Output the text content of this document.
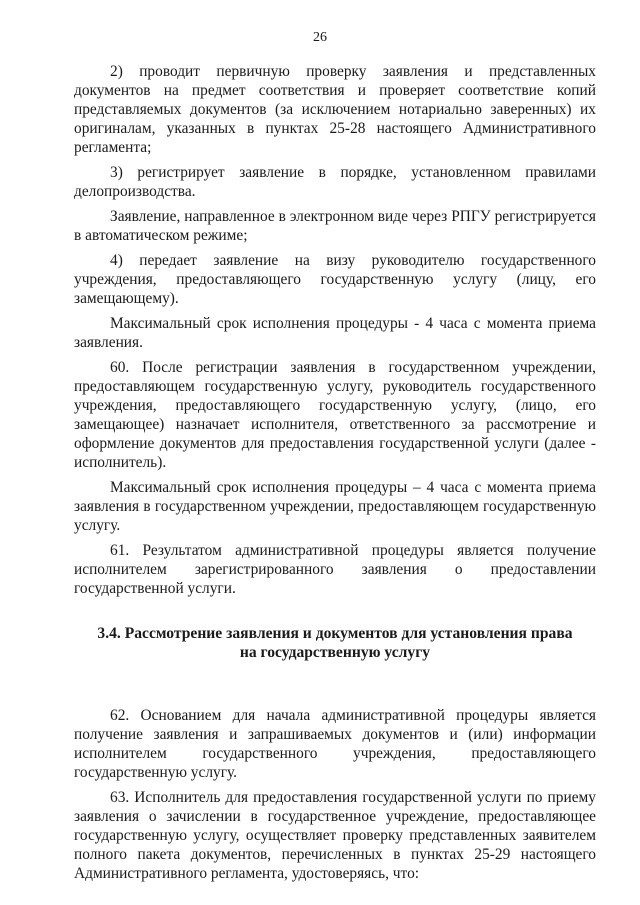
26

2) проводит первичную проверку заявления и представленных документов на предмет соответствия и проверяет соответствие копий представляемых документов (за исключением нотариально заверенных) их оригиналам, указанных в пунктах 25-28 настоящего Административного регламента;

3) регистрирует заявление в порядке, установленном правилами делопроизводства.

Заявление, направленное в электронном виде через РПГУ регистрируется в автоматическом режиме;

4) передает заявление на визу руководителю государственного учреждения, предоставляющего государственную услугу (лицу, его замещающему).

Максимальный срок исполнения процедуры - 4 часа с момента приема заявления.

60. После регистрации заявления в государственном учреждении, предоставляющем государственную услугу, руководитель государственного учреждения, предоставляющего государственную услугу, (лицо, его замещающее) назначает исполнителя, ответственного за рассмотрение и оформление документов для предоставления государственной услуги (далее - исполнитель).

Максимальный срок исполнения процедуры – 4 часа с момента приема заявления в государственном учреждении, предоставляющем государственную услугу.

61. Результатом административной процедуры является получение исполнителем зарегистрированного заявления о предоставлении государственной услуги.

3.4. Рассмотрение заявления и документов для установления права
на государственную услугу

62. Основанием для начала административной процедуры является получение заявления и запрашиваемых документов и (или) информации исполнителем государственного учреждения, предоставляющего государственную услугу.

63. Исполнитель для предоставления государственной услуги по приему заявления о зачислении в государственное учреждение, предоставляющее государственную услугу, осуществляет проверку представленных заявителем полного пакета документов, перечисленных в пунктах 25-29 настоящего Административного регламента, удостоверяясь, что:
